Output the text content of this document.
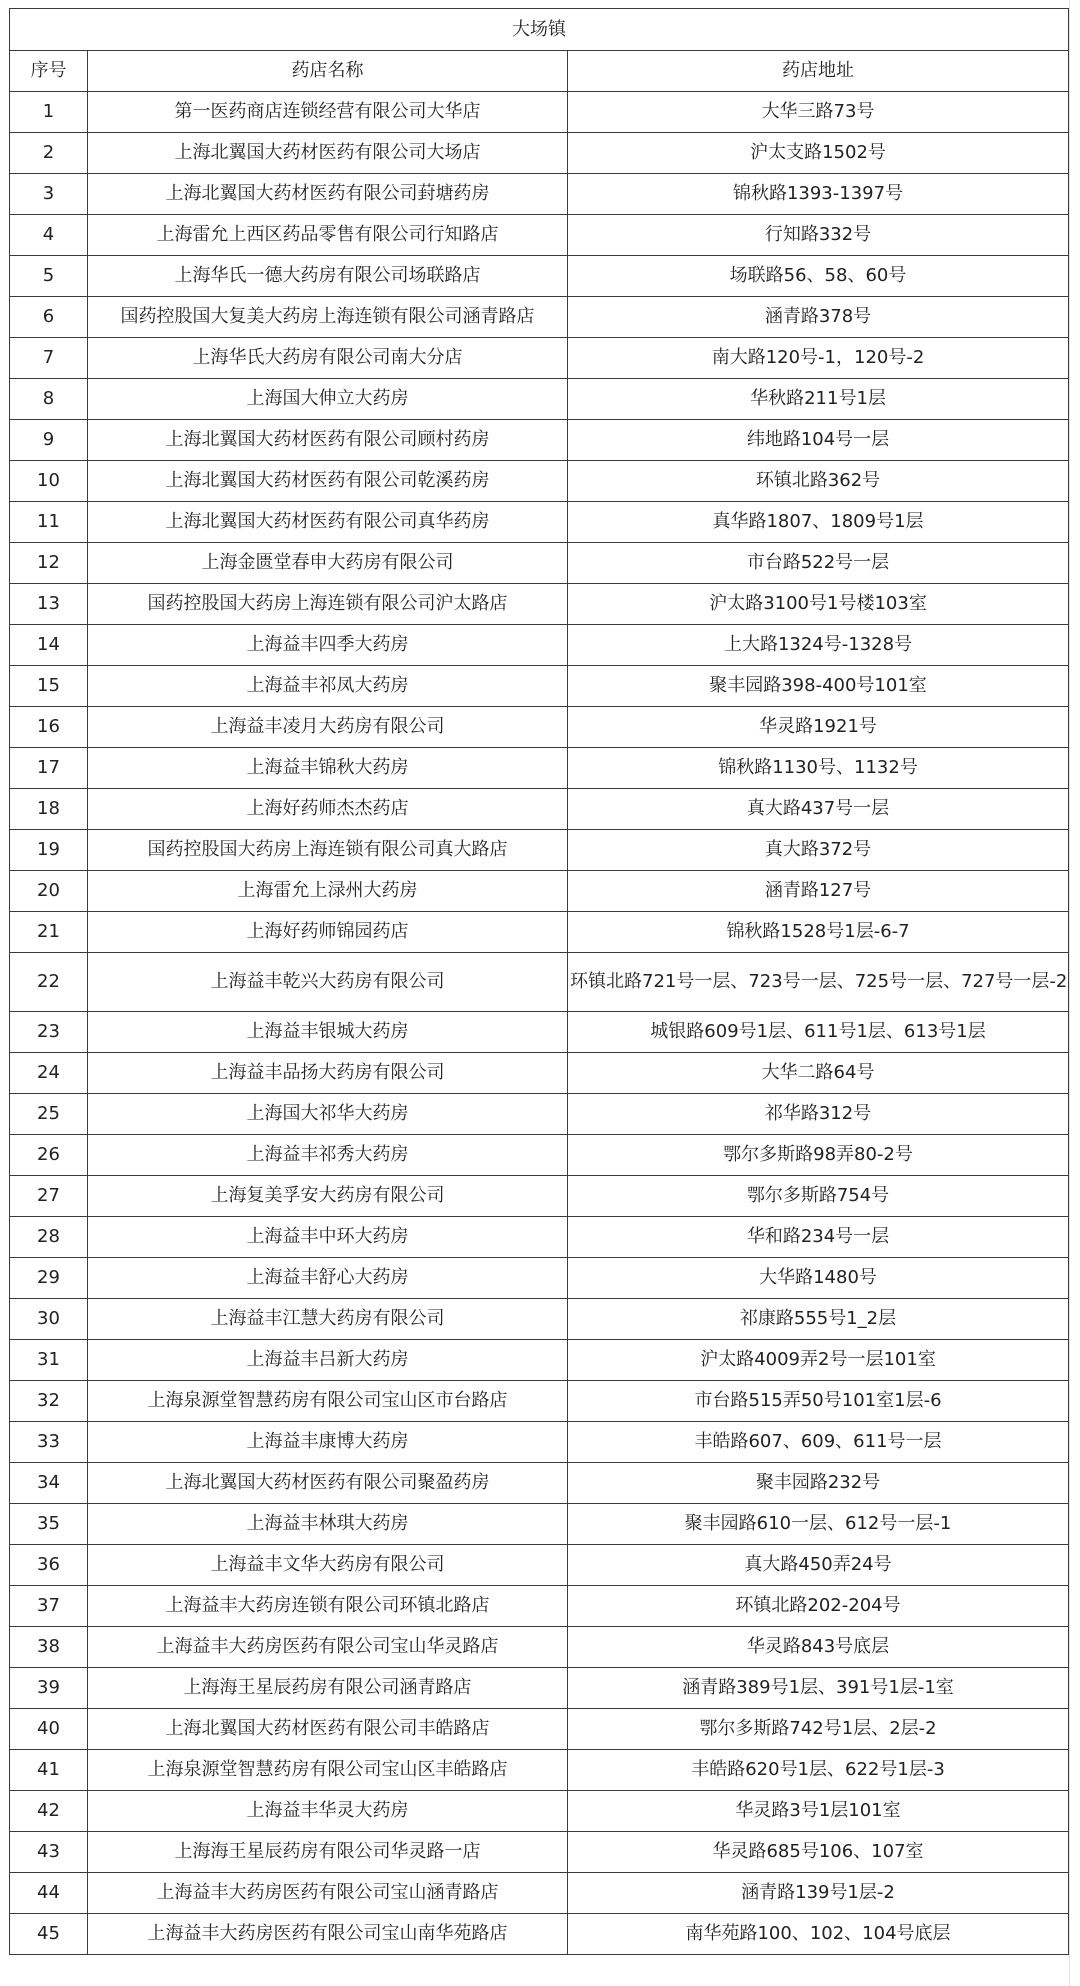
大场镇		
序号	药店名称	药店地址
1	第一医药商店连锁经营有限公司大华店	大华三路73号
2	上海北翼国大药材医药有限公司大场店	沪太支路1502号
3	上海北翼国大药材医药有限公司葑塘药房	锦秋路1393-1397号
4	上海雷允上西区药品零售有限公司行知路店	行知路332号
5	上海华氏一德大药房有限公司场联路店	场联路56、58、60号
6	国药控股国大复美大药房上海连锁有限公司涵青路店	涵青路378号
7	上海华氏大药房有限公司南大分店	南大路120号-1，120号-2
8	上海国大伸立大药房	华秋路211号1层
9	上海北翼国大药材医药有限公司顾村药房	纬地路104号一层
10	上海北翼国大药材医药有限公司乾溪药房	环镇北路362号
11	上海北翼国大药材医药有限公司真华药房	真华路1807、1809号1层
12	上海金匮堂春申大药房有限公司	市台路522号一层
13	国药控股国大药房上海连锁有限公司沪太路店	沪太路3100号1号楼103室
14	上海益丰四季大药房	上大路1324号-1328号
15	上海益丰祁凤大药房	聚丰园路398-400号101室
16	上海益丰凌月大药房有限公司	华灵路1921号
17	上海益丰锦秋大药房	锦秋路1130号、1132号
18	上海好药师杰杰药店	真大路437号一层
19	国药控股国大药房上海连锁有限公司真大路店	真大路372号
20	上海雷允上渌州大药房	涵青路127号
21	上海好药师锦园药店	锦秋路1528号1层-6-7
22	上海益丰乾兴大药房有限公司	环镇北路721号一层、723号一层、725号一层、727号一层-2
23	上海益丰银城大药房	城银路609号1层、611号1层、613号1层
24	上海益丰品扬大药房有限公司	大华二路64号
25	上海国大祁华大药房	祁华路312号
26	上海益丰祁秀大药房	鄂尔多斯路98弄80-2号
27	上海复美孚安大药房有限公司	鄂尔多斯路754号
28	上海益丰中环大药房	华和路234号一层
29	上海益丰舒心大药房	大华路1480号
30	上海益丰江慧大药房有限公司	祁康路555号1_2层
31	上海益丰吕新大药房	沪太路4009弄2号一层101室
32	上海泉源堂智慧药房有限公司宝山区市台路店	市台路515弄50号101室1层-6
33	上海益丰康博大药房	丰皓路607、609、611号一层
34	上海北翼国大药材医药有限公司聚盈药房	聚丰园路232号
35	上海益丰林琪大药房	聚丰园路610一层、612号一层-1
36	上海益丰文华大药房有限公司	真大路450弄24号
37	上海益丰大药房连锁有限公司环镇北路店	环镇北路202-204号
38	上海益丰大药房医药有限公司宝山华灵路店	华灵路843号底层
39	上海海王星辰药房有限公司涵青路店	涵青路389号1层、391号1层-1室
40	上海北翼国大药材医药有限公司丰皓路店	鄂尔多斯路742号1层、2层-2
41	上海泉源堂智慧药房有限公司宝山区丰皓路店	丰皓路620号1层、622号1层-3
42	上海益丰华灵大药房	华灵路3号1层101室
43	上海海王星辰药房有限公司华灵路一店	华灵路685号106、107室
44	上海益丰大药房医药有限公司宝山涵青路店	涵青路139号1层-2
45	上海益丰大药房医药有限公司宝山南华苑路店	南华苑路100、102、104号底层
